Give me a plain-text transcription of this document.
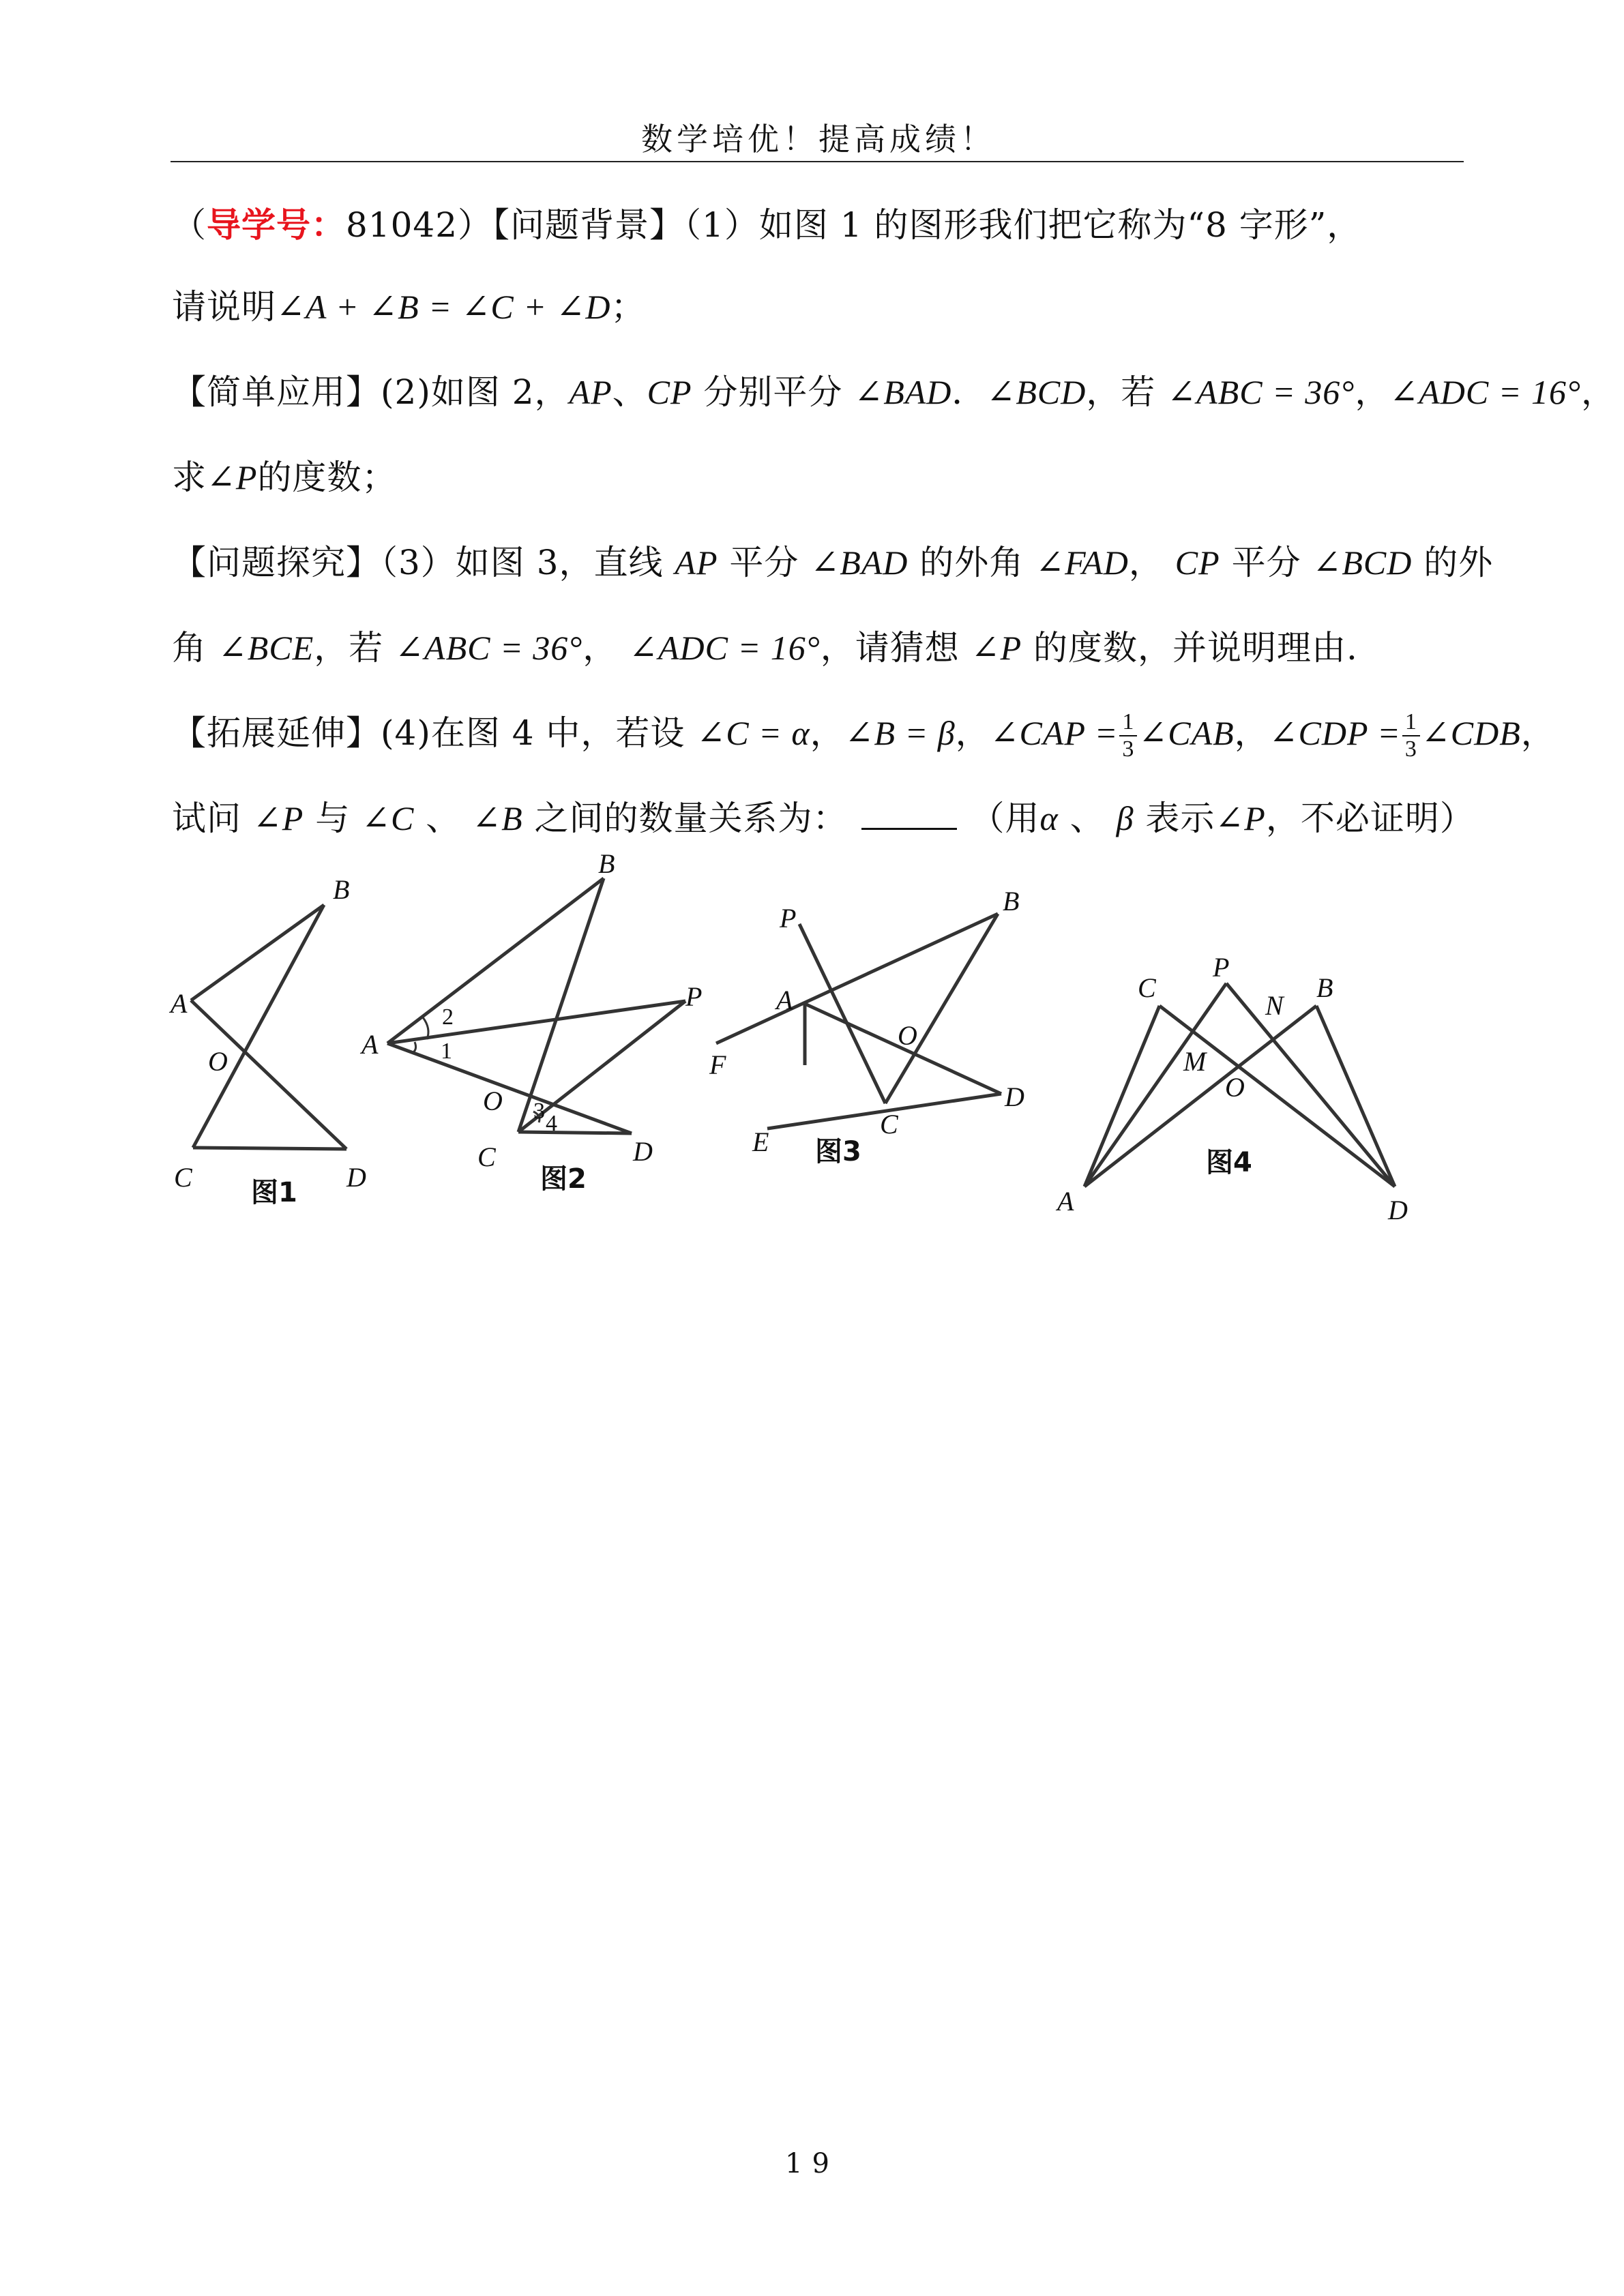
数学培优！提高成绩！
（导学号：81042）【问题背景】（1）如图 1 的图形我们把它称为“8 字形”，
请说明∠A + ∠B = ∠C + ∠D；
【简单应用】(2)如图 2，AP、CP 分别平分 ∠BAD．∠BCD，若 ∠ABC = 36°，∠ADC = 16°，
求∠P的度数；
【问题探究】（3）如图 3，直线 AP 平分 ∠BAD 的外角 ∠FAD， CP 平分 ∠BCD 的外
角 ∠BCE，若 ∠ABC = 36°， ∠ADC = 16°，请猜想 ∠P 的度数，并说明理由.
【拓展延伸】(4)在图 4 中，若设 ∠C = α，∠B = β，∠CAP = $\frac{1}{3}$ ∠CAB，∠CDP = $\frac{1}{3}$ ∠CDB，
试问 ∠P 与 ∠C 、 ∠B 之间的数量关系为：	（用α 、 β 表示∠P，不必证明）
B
A
O
C	D
图1
B
A
P
O
C	D
2
1
3 4
图2
P
B
A
F
O
D
C
E 图3
C
P
N
B
M
O
A	D
图4
19
